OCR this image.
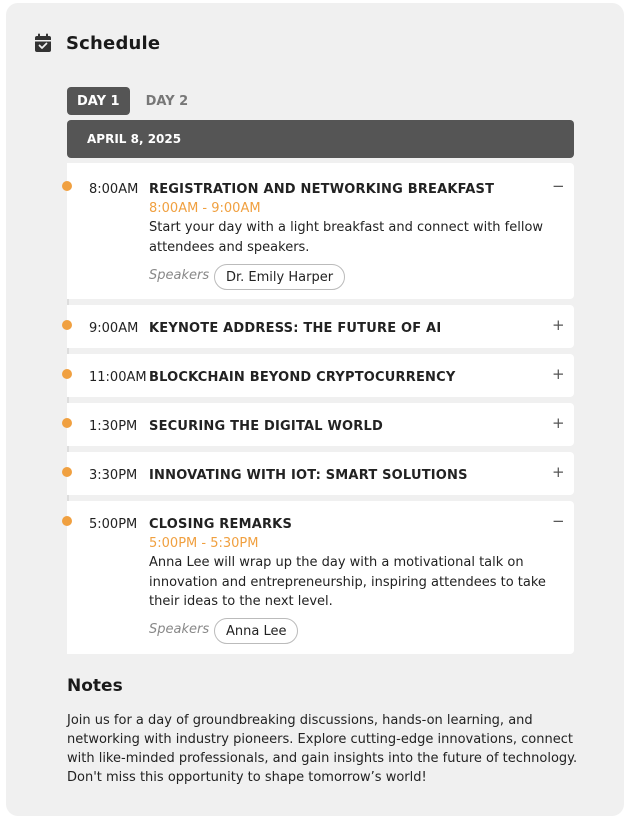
Schedule
DAY 1	DAY 2
APRIL 8, 2025
8:00AM REGISTRATION AND NETWORKING BREAKFAST	−
8:00AM - 9:00AM
Start your day with a light breakfast and connect with fellow attendees and speakers.
Speakers	Dr. Emily Harper
9:00AM KEYNOTE ADDRESS: THE FUTURE OF AI	+
11:00AM BLOCKCHAIN BEYOND CRYPTOCURRENCY	+
1:30PM SECURING THE DIGITAL WORLD	+
3:30PM INNOVATING WITH IOT: SMART SOLUTIONS	+
5:00PM CLOSING REMARKS	−
5:00PM - 5:30PM
Anna Lee will wrap up the day with a motivational talk on innovation and entrepreneurship, inspiring attendees to take their ideas to the next level.
Speakers	Anna Lee
Notes
Join us for a day of groundbreaking discussions, hands-on learning, and networking with industry pioneers. Explore cutting-edge innovations, connect with like-minded professionals, and gain insights into the future of technology. Don't miss this opportunity to shape tomorrow’s world!
